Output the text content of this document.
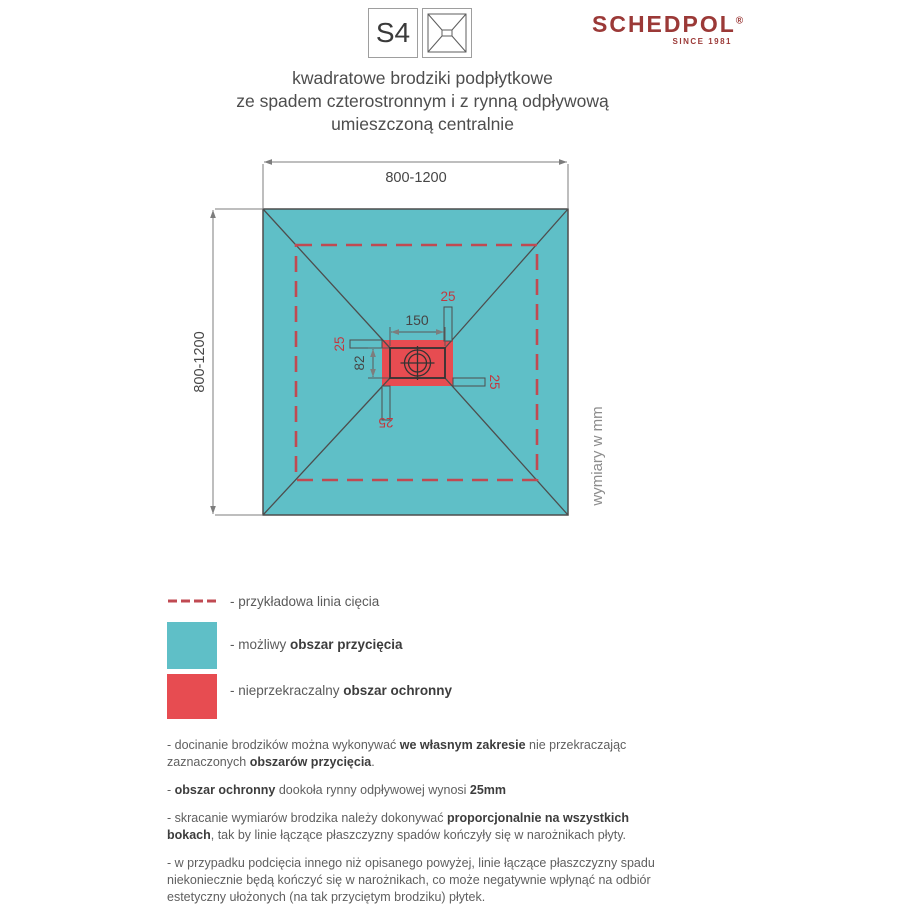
S4	SCHEDPOL®
SINCE 1981
kwadratowe brodziki podpłytkowe
ze spadem czterostronnym i z rynną odpływową
umieszczoną centralnie
800-1200
800-1200
150
82
25
25
25
25	wymiary w mm
- przykładowa linia cięcia
- możliwy obszar przycięcia
- nieprzekraczalny obszar ochronny

- docinanie brodzików można wykonywać we własnym zakresie nie przekraczając zaznaczonych obszarów przycięcia.

- obszar ochronny dookoła rynny odpływowej wynosi 25mm

- skracanie wymiarów brodzika należy dokonywać proporcjonalnie na wszystkich bokach, tak by linie łączące płaszczyzny spadów kończyły się w narożnikach płyty.

- w przypadku podcięcia innego niż opisanego powyżej, linie łączące płaszczyzny spadu niekoniecznie będą kończyć się w narożnikach, co może negatywnie wpłynąć na odbiór estetyczny ułożonych (na tak przyciętym brodziku) płytek.
